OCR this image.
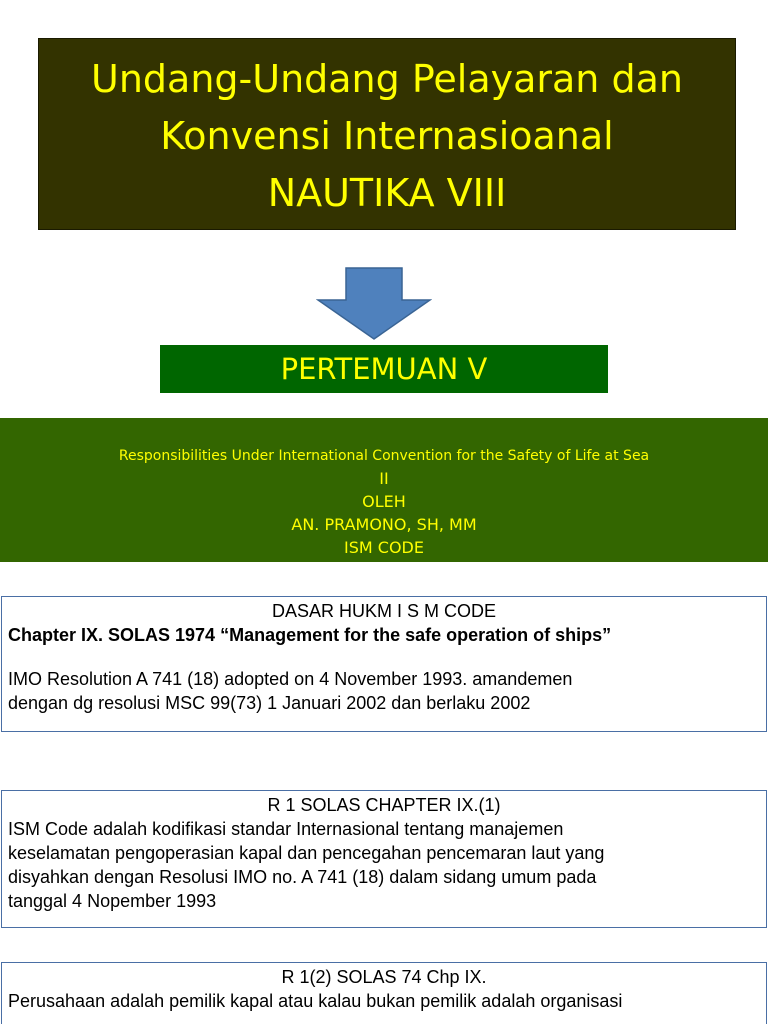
Undang-Undang Pelayaran dan
Konvensi Internasioanal
NAUTIKA VIII
PERTEMUAN V
Responsibilities Under International Convention for the Safety of Life at Sea
II
OLEH
AN. PRAMONO, SH, MM
ISM CODE
DASAR HUKM I S M CODE
Chapter IX. SOLAS 1974 “Management for the safe operation of ships”
IMO Resolution A 741 (18) adopted on 4 November 1993. amandemen
dengan dg resolusi MSC 99(73) 1 Januari 2002 dan berlaku 2002
R 1 SOLAS CHAPTER IX.(1)
ISM Code adalah kodifikasi standar Internasional tentang manajemen
keselamatan pengoperasian kapal dan pencegahan pencemaran laut yang
disyahkan dengan Resolusi IMO no. A 741 (18) dalam sidang umum pada
tanggal 4 Nopember 1993
R 1(2) SOLAS 74 Chp IX.
Perusahaan adalah pemilik kapal atau kalau bukan pemilik adalah organisasi
